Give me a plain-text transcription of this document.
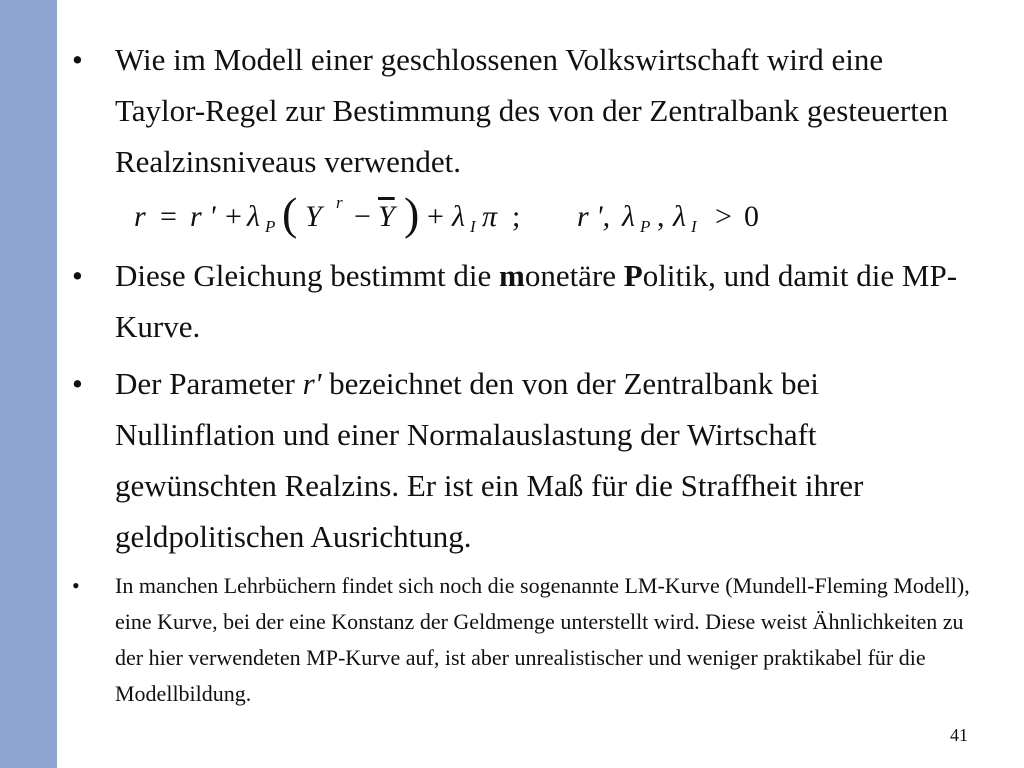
• Wie im Modell einer geschlossenen Volkswirtschaft wird eine Taylor-Regel zur Bestimmung des von der Zentralbank gesteuerten Realzinsniveaus verwendet.
r = r ' + λ P ( Y $r - \overline{Y}$ ) + λ I π ; r ', λ P , λ I > 0
• Diese Gleichung bestimmt die monetäre Politik, und damit die MP-Kurve.
• Der Parameter r' bezeichnet den von der Zentralbank bei Nullinflation und einer Normalauslastung der Wirtschaft gewünschten Realzins. Er ist ein Maß für die Straffheit ihrer geldpolitischen Ausrichtung.
• In manchen Lehrbüchern findet sich noch die sogenannte LM-Kurve (Mundell-Fleming Modell), eine Kurve, bei der eine Konstanz der Geldmenge unterstellt wird. Diese weist Ähnlichkeiten zu der hier verwendeten MP-Kurve auf, ist aber unrealistischer und weniger praktikabel für die Modellbildung.
41
